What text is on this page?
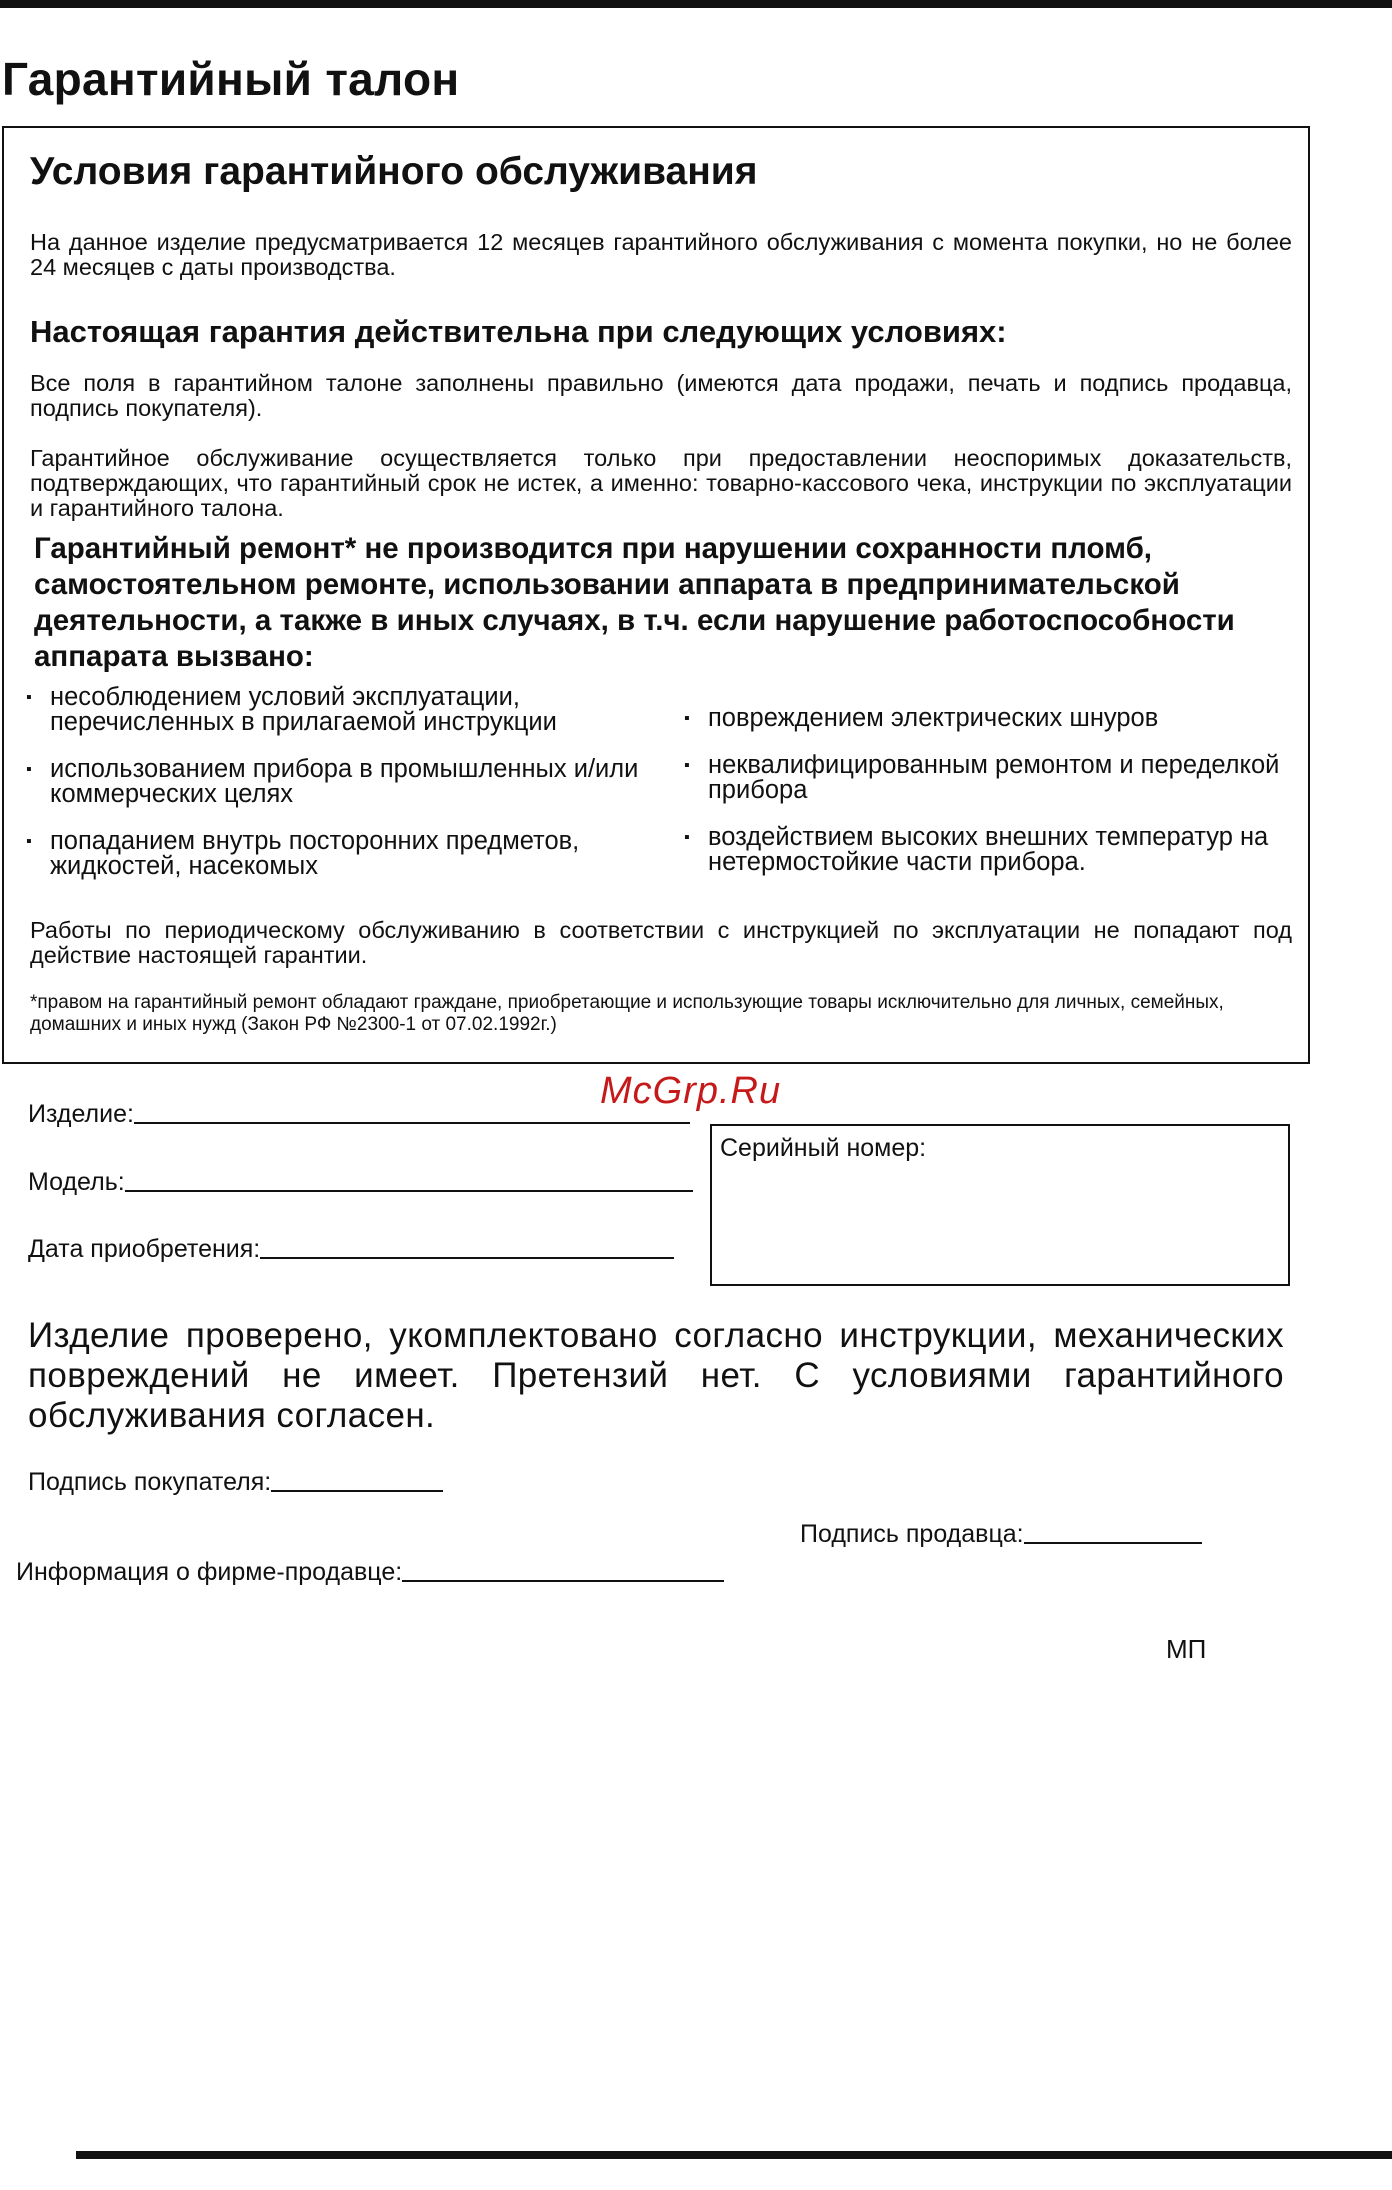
Гарантийный талон
Условия гарантийного обслуживания

На данное изделие предусматривается 12 месяцев гарантийного обслуживания с момента покупки, но не более 24 месяцев с даты производства.

Настоящая гарантия действительна при следующих условиях:

Все поля в гарантийном талоне заполнены правильно (имеются дата продажи, печать и подпись продавца, подпись покупателя).

Гарантийное обслуживание осуществляется только при предоставлении неоспоримых доказательств, подтверждающих, что гарантийный срок не истек, а именно: товарно-кассового чека, инструкции по эксплуатации и гарантийного талона.

Гарантийный ремонт* не производится при нарушении сохранности пломб, самостоятельном ремонте, использовании аппарата в предпринимательской деятельности, а также в иных случаях, в т.ч. если нарушение работоспособности аппарата вызвано:

▪ несоблюдением условий эксплуатации, перечисленных в прилагаемой инструкции
▪ использованием прибора в промышленных и/или коммерческих целях
▪ попаданием внутрь посторонних предметов, жидкостей, насекомых
▪ повреждением электрических шнуров
▪ неквалифицированным ремонтом и переделкой прибора
▪ воздействием высоких внешних температур на нетермостойкие части прибора.

Работы по периодическому обслуживанию в соответствии с инструкцией по эксплуатации не попадают под действие настоящей гарантии.

*правом на гарантийный ремонт обладают граждане, приобретающие и использующие товары исключительно для личных, семейных, домашних и иных нужд (Закон РФ №2300-1 от 07.02.1992г.)

McGrp.Ru
Изделие:
Модель:
Дата приобретения:
Серийный номер:

Изделие проверено, укомплектовано согласно инструкции, механических повреждений не имеет. Претензий нет. С условиями гарантийного обслуживания согласен.

Подпись покупателя:
Подпись продавца:
Информация о фирме-продавце:
МП
